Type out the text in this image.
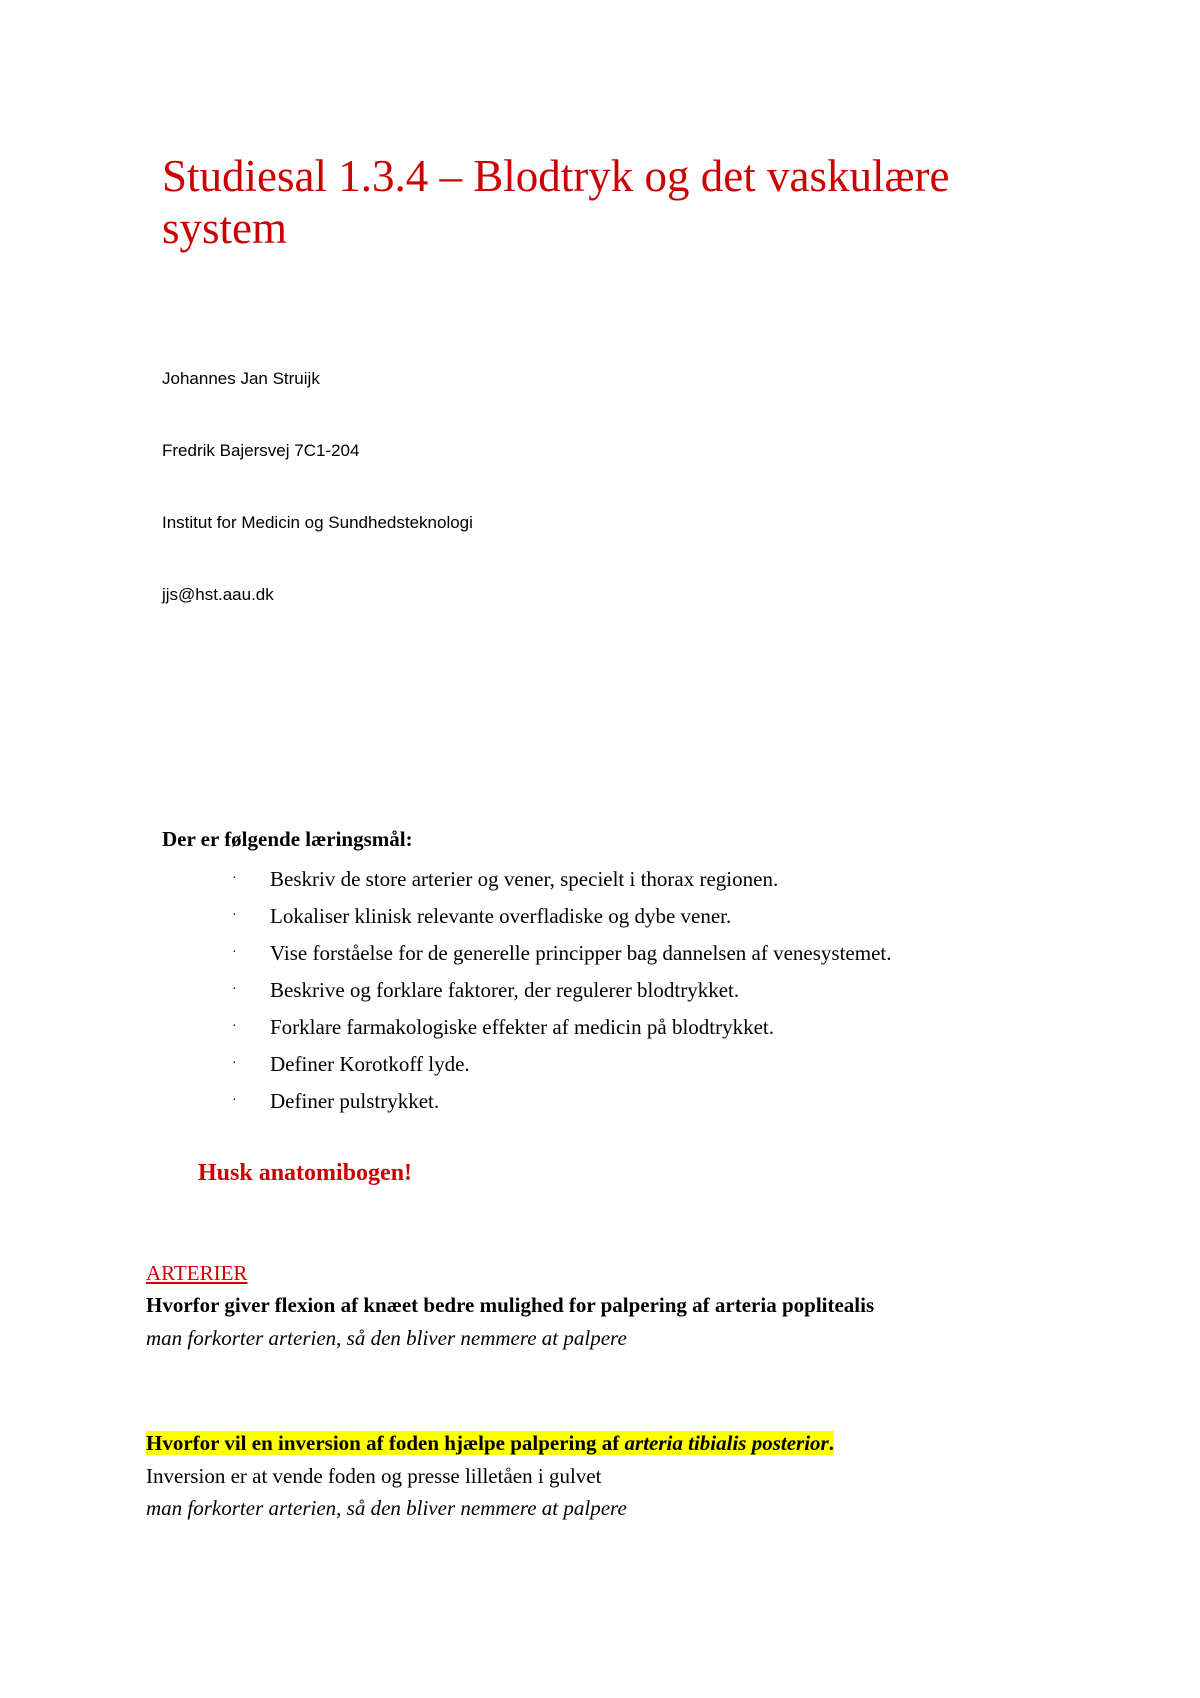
Studiesal 1.3.4 – Blodtryk og det vaskulære system

Johannes Jan Struijk

Fredrik Bajersvej 7C1-204

Institut for Medicin og Sundhedsteknologi

jjs@hst.aau.dk

Der er følgende læringsmål:

· Beskriv de store arterier og vener, specielt i thorax regionen.
· Lokaliser klinisk relevante overfladiske og dybe vener.
· Vise forståelse for de generelle principper bag dannelsen af venesystemet.
· Beskrive og forklare faktorer, der regulerer blodtrykket.
· Forklare farmakologiske effekter af medicin på blodtrykket.
· Definer Korotkoff lyde.
· Definer pulstrykket.

Husk anatomibogen!

ARTERIER

Hvorfor giver flexion af knæet bedre mulighed for palpering af arteria poplitealis

man forkorter arterien, så den bliver nemmere at palpere

Hvorfor vil en inversion af foden hjælpe palpering af arteria tibialis posterior.

Inversion er at vende foden og presse lilletåen i gulvet

man forkorter arterien, så den bliver nemmere at palpere
